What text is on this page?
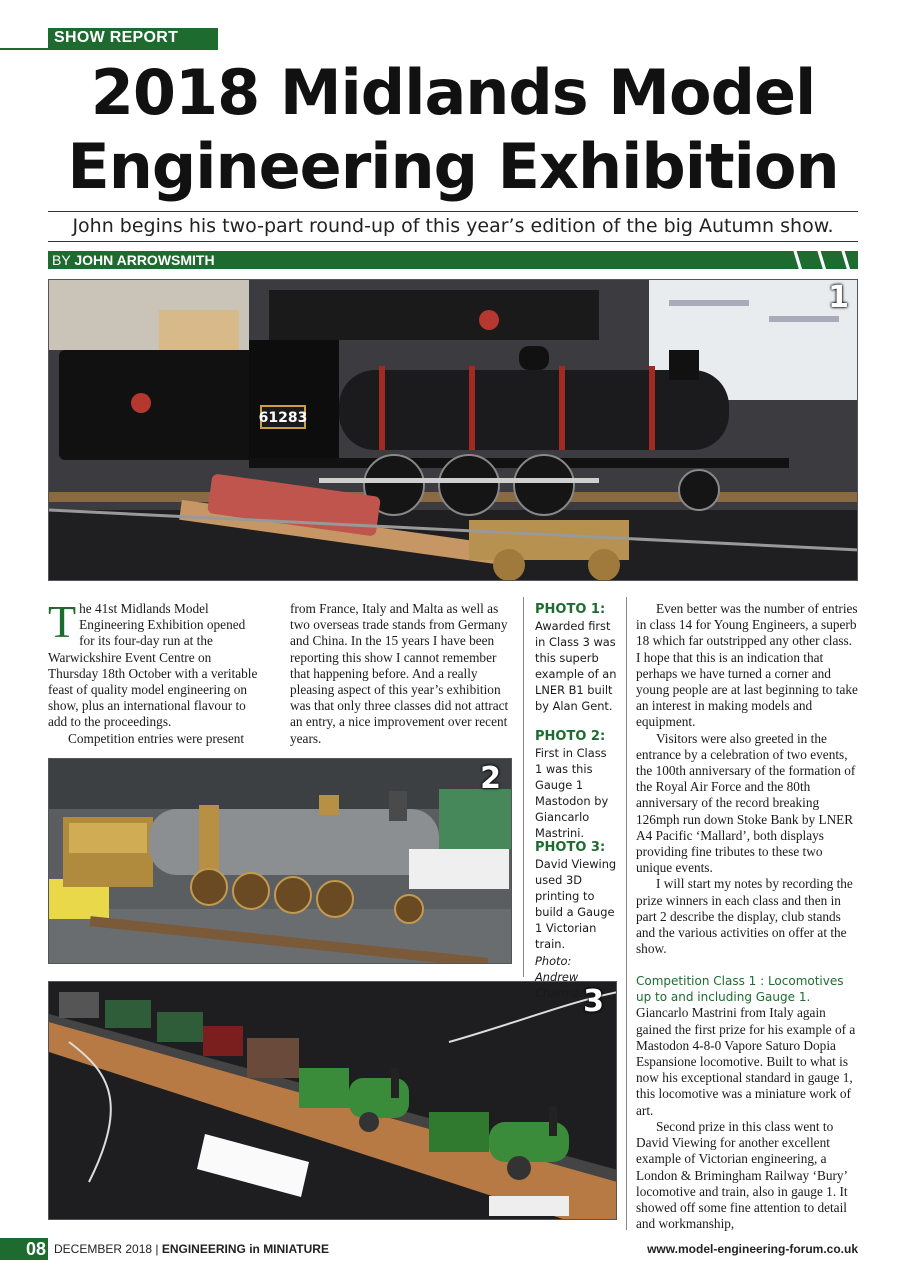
SHOW REPORT
2018 Midlands Model
Engineering Exhibition
John begins his two-part round-up of this year’s edition of the big Autumn show.
BY JOHN ARROWSMITH
61283
1

The 41st Midlands Model Engineering Exhibition opened for its four-day run at the Warwickshire Event Centre on Thursday 18th October with a veritable feast of quality model engineering on show, plus an international flavour to add to the proceedings.

Competition entries were present

from France, Italy and Malta as well as two overseas trade stands from Germany and China. In the 15 years I have been reporting this show I cannot remember that happening before. And a really pleasing aspect of this year’s exhibition was that only three classes did not attract an entry, a nice improvement over recent years.

2
3
PHOTO 1:
Awarded first in Class 3 was this superb example of an LNER B1 built by Alan Gent.
PHOTO 2:
First in Class 1 was this Gauge 1 Mastodon by Giancarlo Mastrini.
PHOTO 3:
David Viewing used 3D printing to build a Gauge 1 Victorian train.
Photo: Andrew Charman.

Even better was the number of entries in class 14 for Young Engineers, a superb 18 which far outstripped any other class. I hope that this is an indication that perhaps we have turned a corner and young people are at last beginning to take an interest in making models and equipment.

Visitors were also greeted in the entrance by a celebration of two events, the 100th anniversary of the formation of the Royal Air Force and the 80th anniversary of the record breaking 126mph run down Stoke Bank by LNER A4 Pacific ‘Mallard’, both displays providing fine tributes to these two unique events.

I will start my notes by recording the prize winners in each class and then in part 2 describe the display, club stands and the various activities on offer at the show.

Competition Class 1 : Locomotives up to and including Gauge 1.

Giancarlo Mastrini from Italy again gained the first prize for his example of a Mastodon 4-8-0 Vapore Saturo Dopia Espansione locomotive. Built to what is now his exceptional standard in gauge 1, this locomotive was a miniature work of art.

Second prize in this class went to David Viewing for another excellent example of Victorian engineering, a London & Brimingham Railway ‘Bury’ locomotive and train, also in gauge 1. It showed off some fine attention to detail and workmanship,

08 DECEMBER 2018 | ENGINEERING in MINIATURE	www.model-engineering-forum.co.uk
